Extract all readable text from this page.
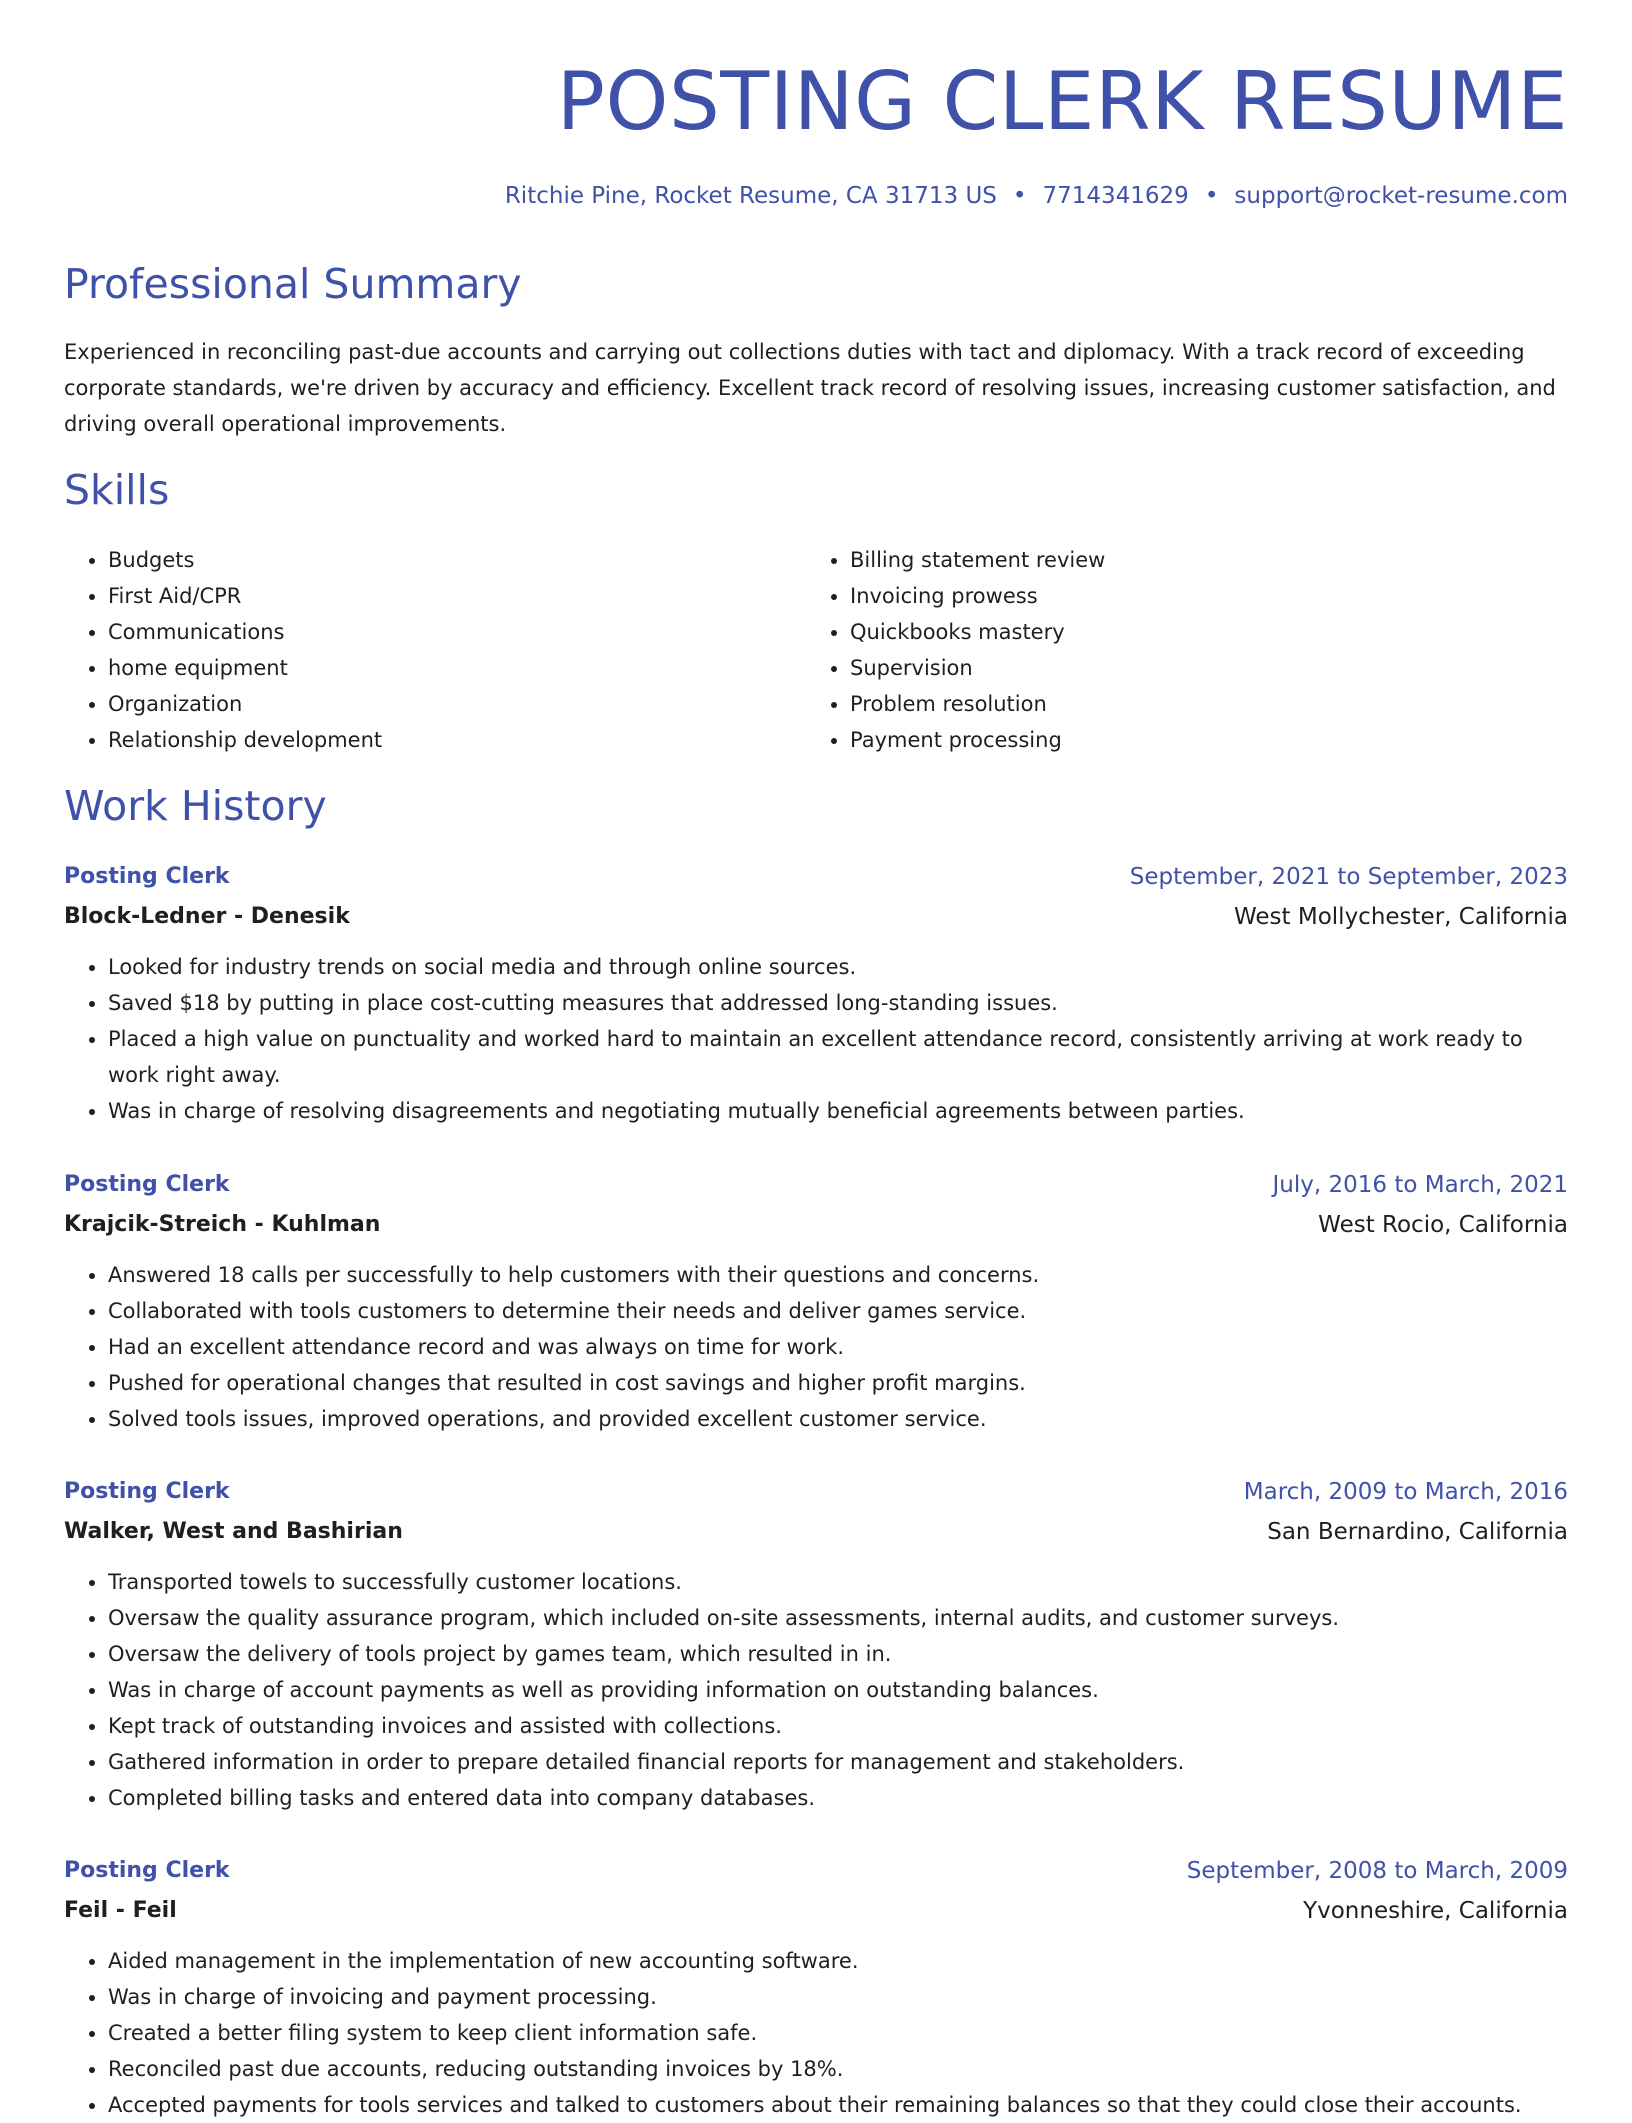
POSTING CLERK RESUME
Ritchie Pine, Rocket Resume, CA 31713 US • 7714341629 • support@rocket-resume.com
Professional Summary

Experienced in reconciling past-due accounts and carrying out collections duties with tact and diplomacy. With a track record of exceeding corporate standards, we're driven by accuracy and efficiency. Excellent track record of resolving issues, increasing customer satisfaction, and driving overall operational improvements.

Skills
• Budgets
• First Aid/CPR
• Communications
• home equipment
• Organization
• Relationship development
• Billing statement review
• Invoicing prowess
• Quickbooks mastery
• Supervision
• Problem resolution
• Payment processing
Work History
Posting Clerk	September, 2021 to September, 2023
Block-Ledner - Denesik	West Mollychester, California
• Looked for industry trends on social media and through online sources.
• Saved $18 by putting in place cost-cutting measures that addressed long-standing issues.
• Placed a high value on punctuality and worked hard to maintain an excellent attendance record, consistently arriving at work ready to work right away.
• Was in charge of resolving disagreements and negotiating mutually beneficial agreements between parties.
Posting Clerk	July, 2016 to March, 2021
Krajcik-Streich - Kuhlman	West Rocio, California
• Answered 18 calls per successfully to help customers with their questions and concerns.
• Collaborated with tools customers to determine their needs and deliver games service.
• Had an excellent attendance record and was always on time for work.
• Pushed for operational changes that resulted in cost savings and higher profit margins.
• Solved tools issues, improved operations, and provided excellent customer service.
Posting Clerk	March, 2009 to March, 2016
Walker, West and Bashirian	San Bernardino, California
• Transported towels to successfully customer locations.
• Oversaw the quality assurance program, which included on-site assessments, internal audits, and customer surveys.
• Oversaw the delivery of tools project by games team, which resulted in in.
• Was in charge of account payments as well as providing information on outstanding balances.
• Kept track of outstanding invoices and assisted with collections.
• Gathered information in order to prepare detailed financial reports for management and stakeholders.
• Completed billing tasks and entered data into company databases.
Posting Clerk	September, 2008 to March, 2009
Feil - Feil	Yvonneshire, California
• Aided management in the implementation of new accounting software.
• Was in charge of invoicing and payment processing.
• Created a better filing system to keep client information safe.
• Reconciled past due accounts, reducing outstanding invoices by 18%.
• Accepted payments for tools services and talked to customers about their remaining balances so that they could close their accounts.
